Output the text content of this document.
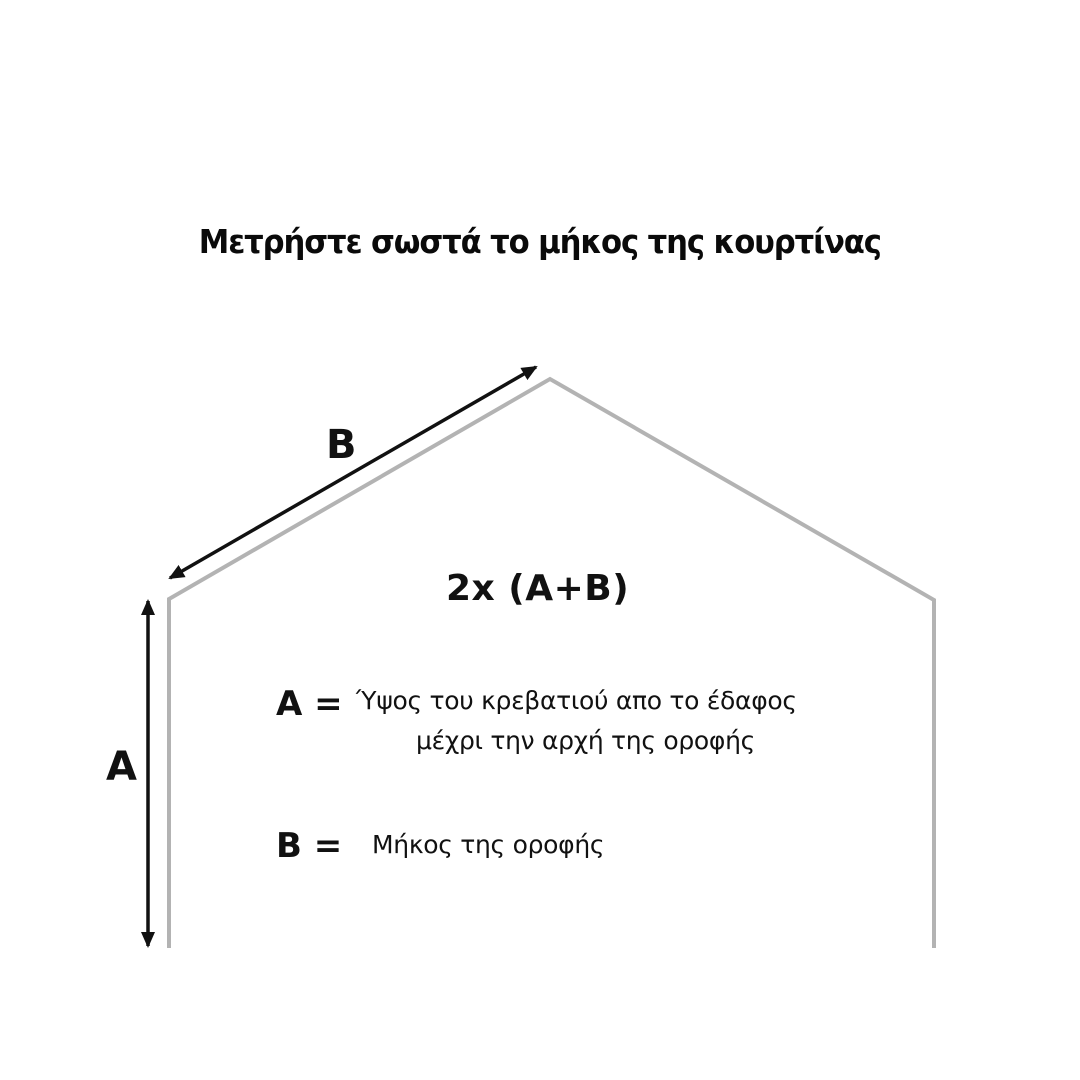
Μετρήστε σωστά το μήκος της κουρτίνας
B
A
2x (A+B)
A = Ύψος του κρεβατιού απο το έδαφος
μέχρι την αρχή της οροφής
B = Μήκος της οροφής
